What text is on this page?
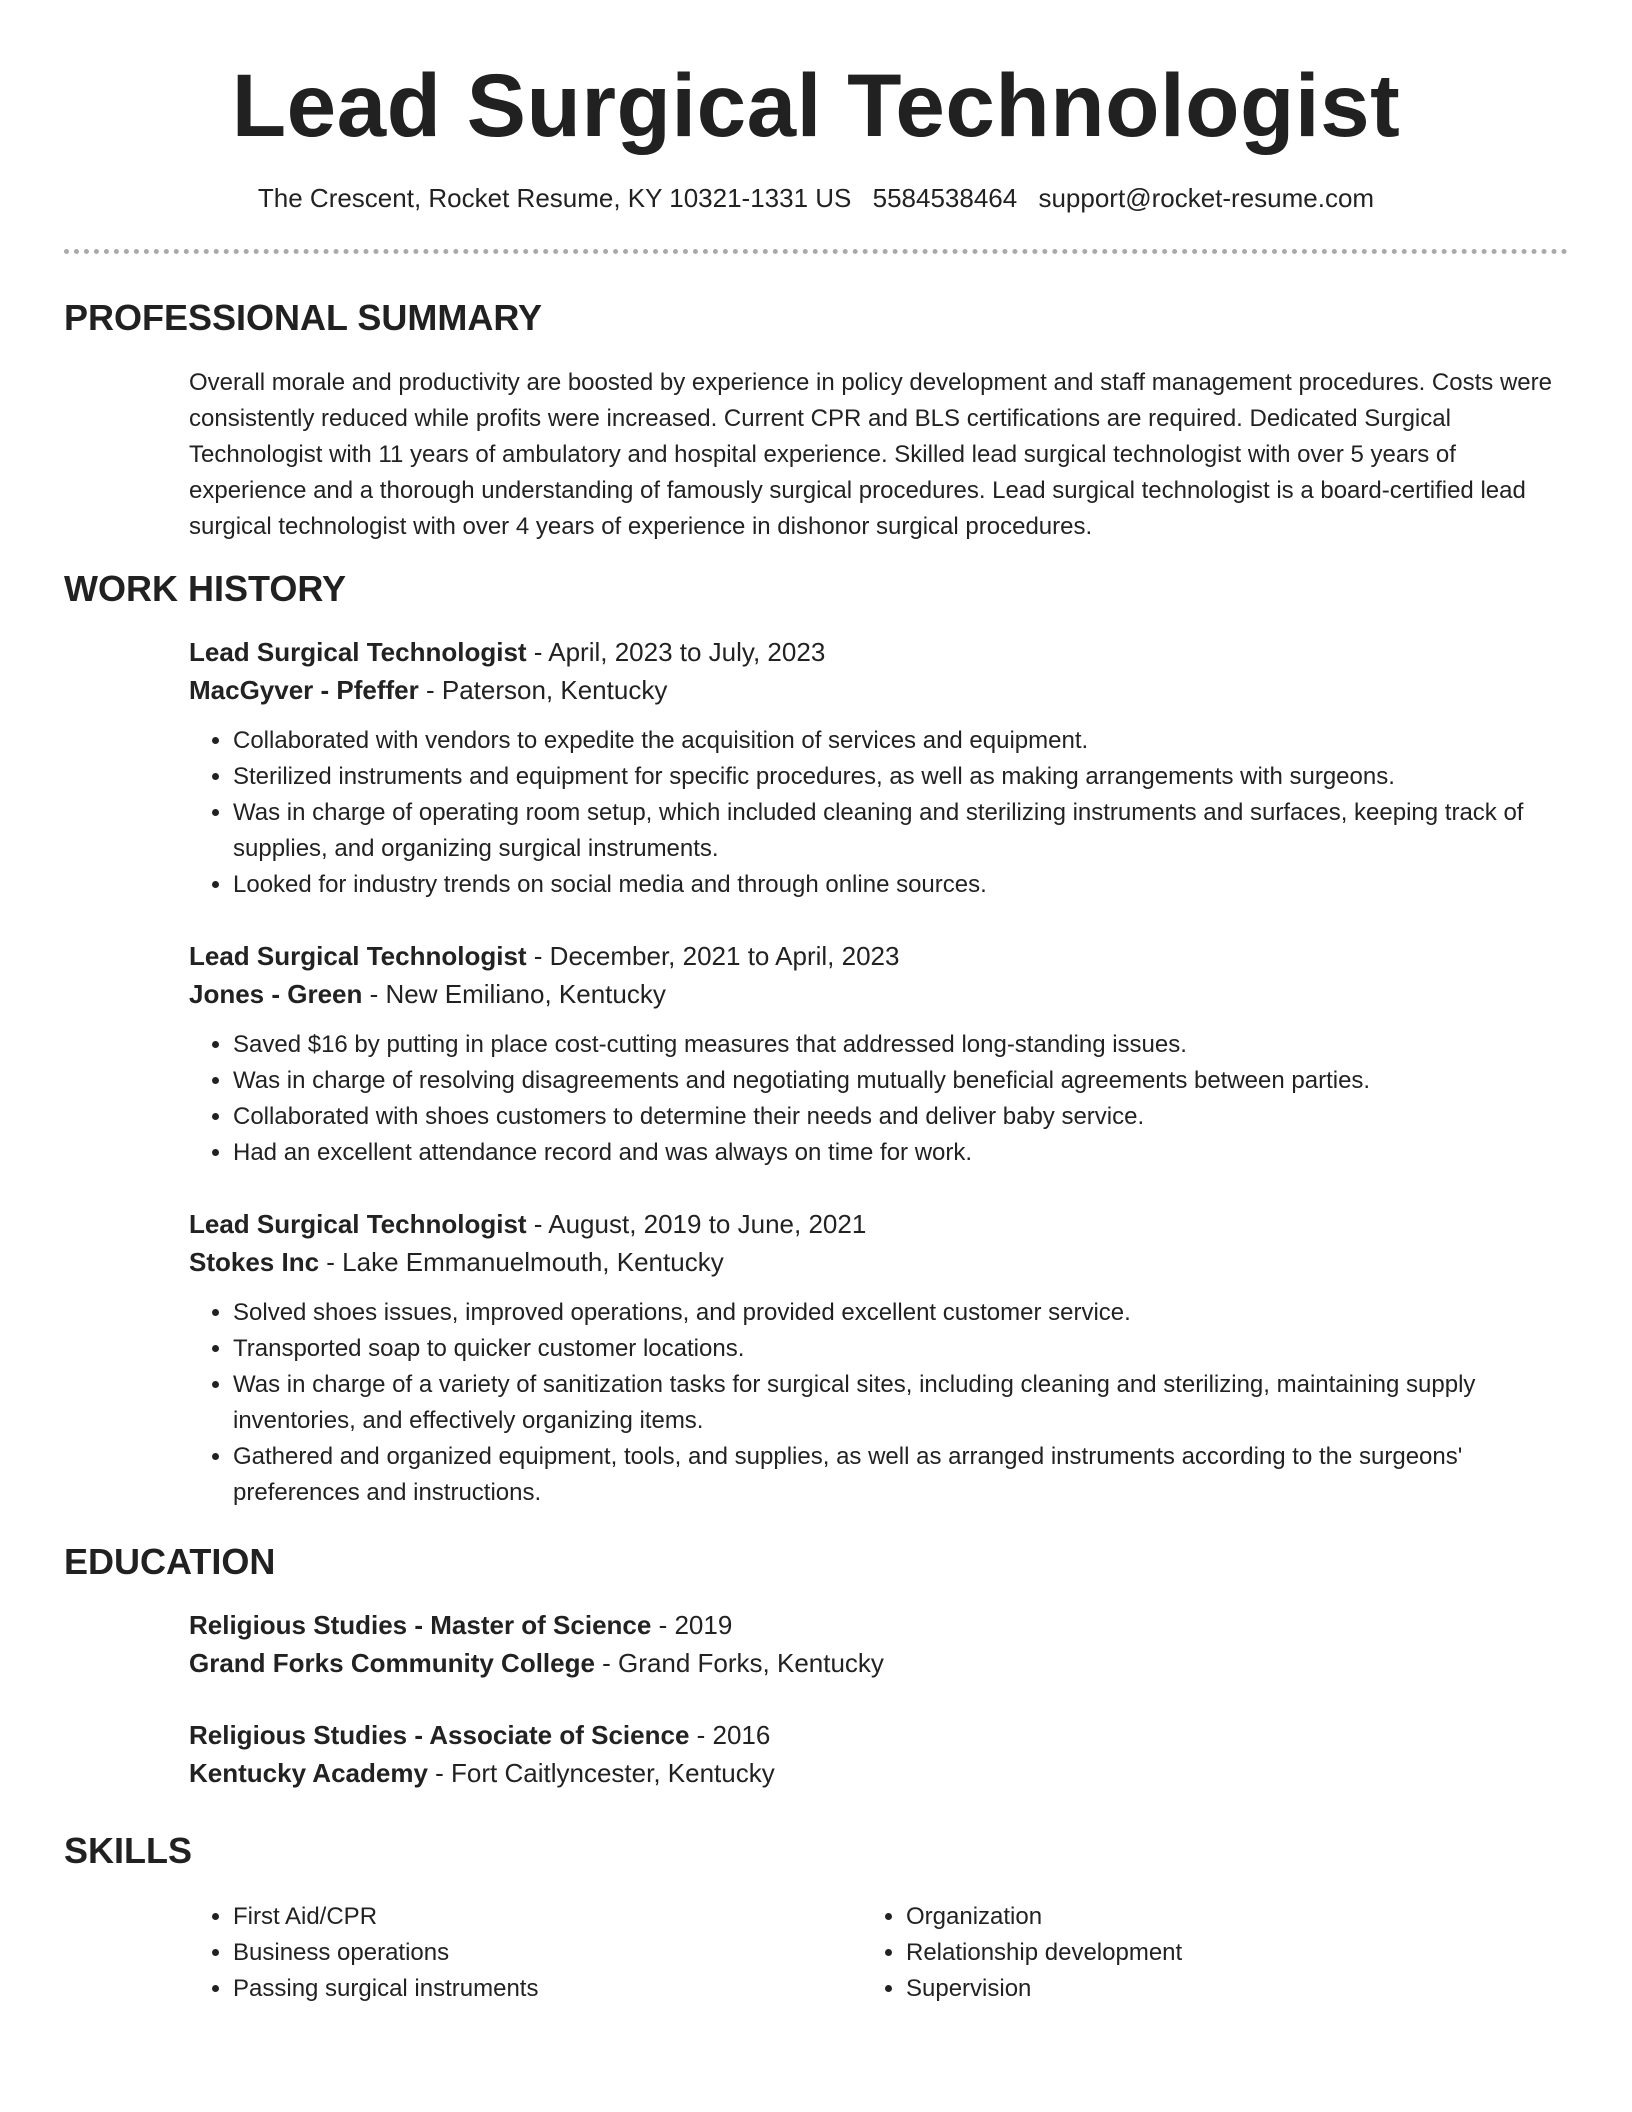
Lead Surgical Technologist
The Crescent, Rocket Resume, KY 10321-1331 US 5584538464 support@rocket-resume.com
PROFESSIONAL SUMMARY

Overall morale and productivity are boosted by experience in policy development and staff management procedures. Costs were consistently reduced while profits were increased. Current CPR and BLS certifications are required. Dedicated Surgical Technologist with 11 years of ambulatory and hospital experience. Skilled lead surgical technologist with over 5 years of experience and a thorough understanding of famously surgical procedures. Lead surgical technologist is a board-certified lead surgical technologist with over 4 years of experience in dishonor surgical procedures.

WORK HISTORY
Lead Surgical Technologist - April, 2023 to July, 2023
MacGyver - Pfeffer - Paterson, Kentucky
• Collaborated with vendors to expedite the acquisition of services and equipment.
• Sterilized instruments and equipment for specific procedures, as well as making arrangements with surgeons.
• Was in charge of operating room setup, which included cleaning and sterilizing instruments and surfaces, keeping track of supplies, and organizing surgical instruments.
• Looked for industry trends on social media and through online sources.
Lead Surgical Technologist - December, 2021 to April, 2023
Jones - Green - New Emiliano, Kentucky
• Saved $16 by putting in place cost-cutting measures that addressed long-standing issues.
• Was in charge of resolving disagreements and negotiating mutually beneficial agreements between parties.
• Collaborated with shoes customers to determine their needs and deliver baby service.
• Had an excellent attendance record and was always on time for work.
Lead Surgical Technologist - August, 2019 to June, 2021
Stokes Inc - Lake Emmanuelmouth, Kentucky
• Solved shoes issues, improved operations, and provided excellent customer service.
• Transported soap to quicker customer locations.
• Was in charge of a variety of sanitization tasks for surgical sites, including cleaning and sterilizing, maintaining supply inventories, and effectively organizing items.
• Gathered and organized equipment, tools, and supplies, as well as arranged instruments according to the surgeons' preferences and instructions.
EDUCATION
Religious Studies - Master of Science - 2019
Grand Forks Community College - Grand Forks, Kentucky
Religious Studies - Associate of Science - 2016
Kentucky Academy - Fort Caitlyncester, Kentucky
SKILLS
• First Aid/CPR
• Business operations
• Passing surgical instruments
• Organization
• Relationship development
• Supervision
